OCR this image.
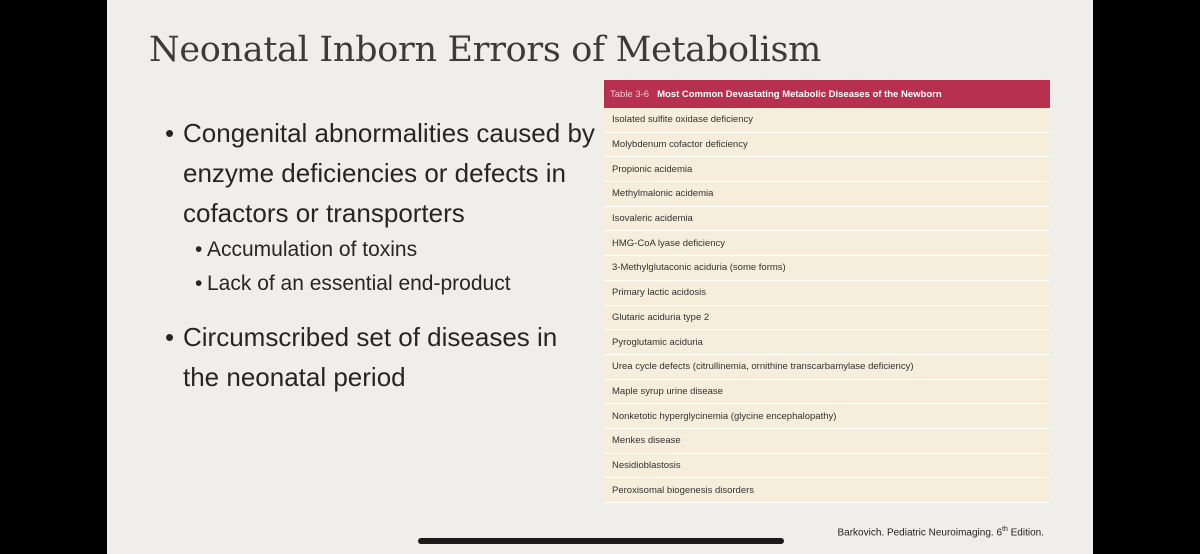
Neonatal Inborn Errors of Metabolism
• Congenital abnormalities caused by enzyme deficiencies or defects in cofactors or transporters
• Accumulation of toxins
• Lack of an essential end-product
• Circumscribed set of diseases in the neonatal period
Table 3-6 Most Common Devastating Metabolic Diseases of the Newborn
Isolated sulfite oxidase deficiency
Molybdenum cofactor deficiency
Propionic acidemia
Methylmalonic acidemia
Isovaleric acidemia
HMG-CoA lyase deficiency
3-Methylglutaconic aciduria (some forms)
Primary lactic acidosis
Glutaric aciduria type 2
Pyroglutamic aciduria
Urea cycle defects (citrullinemia, ornithine transcarbamylase deficiency)
Maple syrup urine disease
Nonketotic hyperglycinemia (glycine encephalopathy)
Menkes disease
Nesidioblastosis
Peroxisomal biogenesis disorders
Barkovich. Pediatric Neuroimaging. 6th Edition.
